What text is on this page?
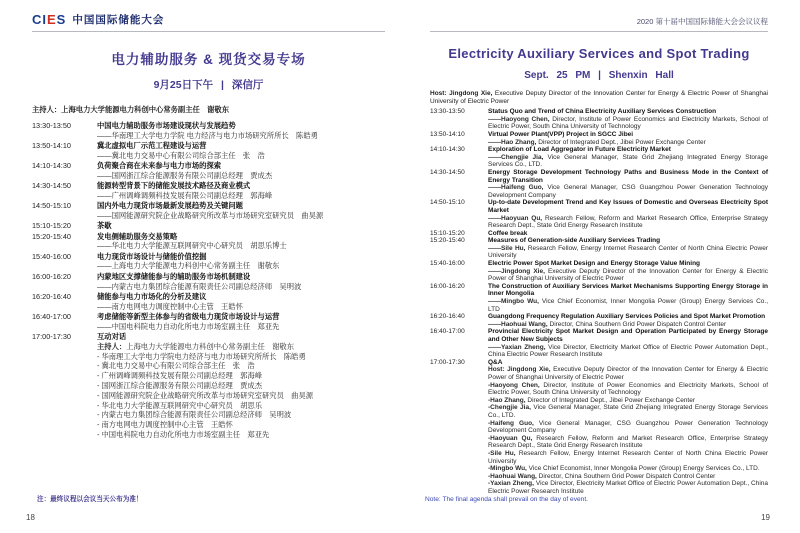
CIES 中国国际储能大会
电力辅助服务 & 现货交易专场
9月25日下午 | 深信厅
主持人：上海电力大学能源电力科创中心常务副主任　谢敬东
13:30-13:50	中国电力辅助服务市场建设现状与发展趋势
——华南理工大学电力学院 电力经济与电力市场研究所所长　陈皓勇
13:50-14:10	冀北虚拟电厂示范工程建设与运营
——冀北电力交易中心有限公司综合部主任　张　浩
14:10-14:30	负荷聚合商在未来参与电力市场的探索
——国网浙江综合能源服务有限公司副总经理　贾成杰
14:30-14:50	能源转型背景下的储能发展技术路径及商业模式
——广州调峰调频科技发展有限公司副总经理　郭海峰
14:50-15:10	国内外电力现货市场最新发展趋势及关键问题
——国网能源研究院企业战略研究所改革与市场研究室研究员　曲昊源
15:10-15:20	茶歇
15:20-15:40	发电侧辅助服务交易策略
——华北电力大学能源互联网研究中心研究员　胡思乐博士
15:40-16:00	电力现货市场设计与储能价值挖掘
——上海电力大学能源电力科创中心常务副主任　谢敬东
16:00-16:20	内蒙地区支撑储能参与的辅助服务市场机制建设
——内蒙古电力集团综合能源有限责任公司副总经济师　吴明波
16:20-16:40	储能参与电力市场化的分析及建议
——南方电网电力调度控制中心主管　王皓怀
16:40-17:00	考虑储能等新型主体参与的省级电力现货市场设计与运营
——中国电科院电力自动化所电力市场室副主任　郑亚先
17:00-17:30	互动对话
主持人：上海电力大学能源电力科创中心常务副主任　谢敬东
- 华南理工大学电力学院电力经济与电力市场研究所所长　陈皓勇
- 冀北电力交易中心有限公司综合部主任　张　浩
- 广州调峰调频科技发展有限公司副总经理　郭海峰
- 国网浙江综合能源服务有限公司副总经理　贾成杰
- 国网能源研究院企业战略研究所改革与市场研究室研究员　曲昊源
- 华北电力大学能源互联网研究中心研究员　胡思乐
- 内蒙古电力集团综合能源有限责任公司副总经济师　吴明波
- 南方电网电力调度控制中心主管　王皓怀
- 中国电科院电力自动化所电力市场室副主任　郑亚先
注：最终议程以会议当天公布为准！
18
2020 第十届中国国际储能大会会议议程
Electricity Auxiliary Services and Spot Trading
Sept. 25 PM | Shenxin Hall
Host: Jingdong Xie, Executive Deputy Director of the Innovation Center for Energy & Electric Power of Shanghai University of Electric Power
13:30-13:50	Status Quo and Trend of China Electricity Auxiliary Services Construction
——Haoyong Chen, Director, Institute of Power Economics and Electricity Markets, School of Electric Power, South China University of Technology
13:50-14:10	Virtual Power Plant(VPP) Project in SGCC Jibei
——Hao Zhang, Director of Integrated Dept., Jibei Power Exchange Center
14:10-14:30	Exploration of Load Aggregator in Future Electricity Market
——Chengjie Jia, Vice General Manager, State Grid Zhejiang Integrated Energy Storage Services Co., LTD.
14:30-14:50	Energy Storage Development Technology Paths and Business Mode in the Context of Energy Transition
——Haifeng Guo, Vice General Manager, CSG Guangzhou Power Generation Technology Development Company
14:50-15:10	Up-to-date Development Trend and Key Issues of Domestic and Overseas Electricity Spot Market
——Haoyuan Qu, Research Fellow, Reform and Market Research Office, Enterprise Strategy Research Dept., State Grid Energy Research Institute
15:10-15:20	Coffee break
15:20-15:40	Measures of Generation-side Auxiliary Services Trading
——Sile Hu, Research Fellow, Energy Internet Research Center of North China Electric Power University
15:40-16:00	Electric Power Spot Market Design and Energy Storage Value Mining
——Jingdong Xie, Executive Deputy Director of the Innovation Center for Energy & Electric Power of Shanghai University of Electric Power
16:00-16:20	The Construction of Auxiliary Services Market Mechanisms Supporting Energy Storage in Inner Mongolia
——Mingbo Wu, Vice Chief Economist, Inner Mongolia Power (Group) Energy Services Co., LTD
16:20-16:40	Guangdong Frequency Regulation Auxiliary Services Policies and Spot Market Promotion
——Haohuai Wang, Director, China Southern Grid Power Dispatch Control Center
16:40-17:00	Provincial Electricity Spot Market Design and Operation Participated by Energy Storage and Other New Subjects
——Yaxian Zheng, Vice Director, Electricity Market Office of Electric Power Automation Dept., China Electric Power Research Institute
17:00-17:30	Q&A
Host: Jingdong Xie, Executive Deputy Director of the Innovation Center for Energy & Electric Power of Shanghai University of Electric Power
-Haoyong Chen, Director, Institute of Power Economics and Electricity Markets, School of Electric Power, South China University of Technology
-Hao Zhang, Director of Integrated Dept., Jibei Power Exchange Center
-Chengjie Jia, Vice General Manager, State Grid Zhejiang Integrated Energy Storage Services Co., LTD.
-Haifeng Guo, Vice General Manager, CSG Guangzhou Power Generation Technology Development Company
-Haoyuan Qu, Research Fellow, Reform and Market Research Office, Enterprise Strategy Research Dept., State Grid Energy Research Institute
-Sile Hu, Research Fellow, Energy Internet Research Center of North China Electric Power University
-Mingbo Wu, Vice Chief Economist, Inner Mongolia Power (Group) Energy Services Co., LTD.
-Haohuai Wang, Director, China Southern Grid Power Dispatch Control Center
-Yaxian Zheng, Vice Director, Electricity Market Office of Electric Power Automation Dept., China Electric Power Research Institute
Note: The final agenda shall prevail on the day of event.
19
